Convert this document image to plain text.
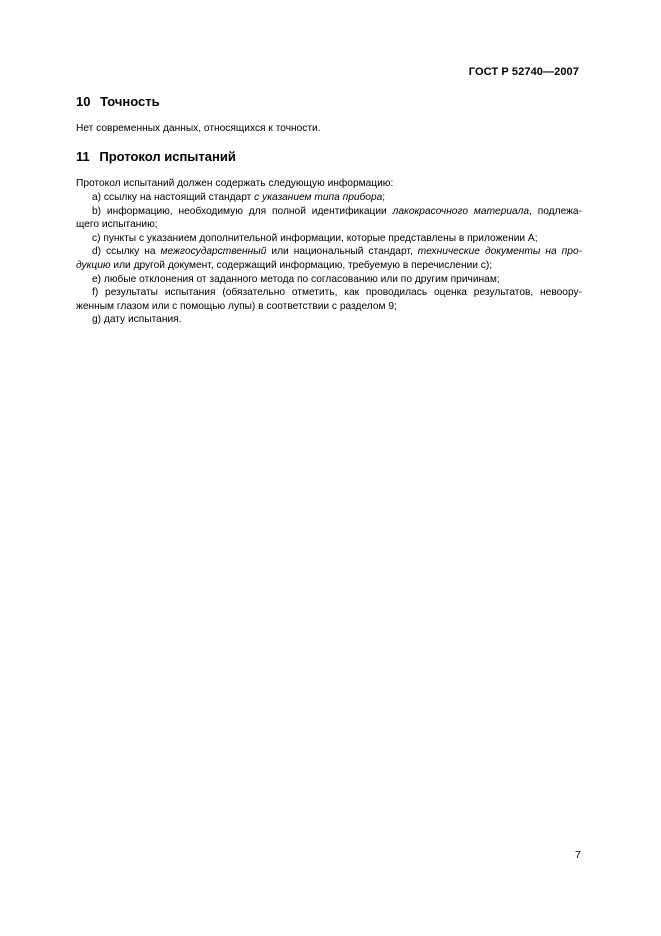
ГОСТ Р 52740—2007
10 Точность
Нет современных данных, относящихся к точности.
11 Протокол испытаний
Протокол испытаний должен содержать следующую информацию:
a) ссылку на настоящий стандарт с указанием типа прибора;
b) информацию, необходимую для полной идентификации лакокрасочного материала, подлежа-
щего испытанию;
c) пункты с указанием дополнительной информации, которые представлены в приложении А;
d) ссылку на межгосударственный или национальный стандарт, технические документы на про-
дукцию или другой документ, содержащий информацию, требуемую в перечислении с);
e) любые отклонения от заданного метода по согласованию или по другим причинам;
f) результаты испытания (обязательно отметить, как проводилась оценка результатов, невоору-
женным глазом или с помощью лупы) в соответствии с разделом 9;
g) дату испытания.
7
